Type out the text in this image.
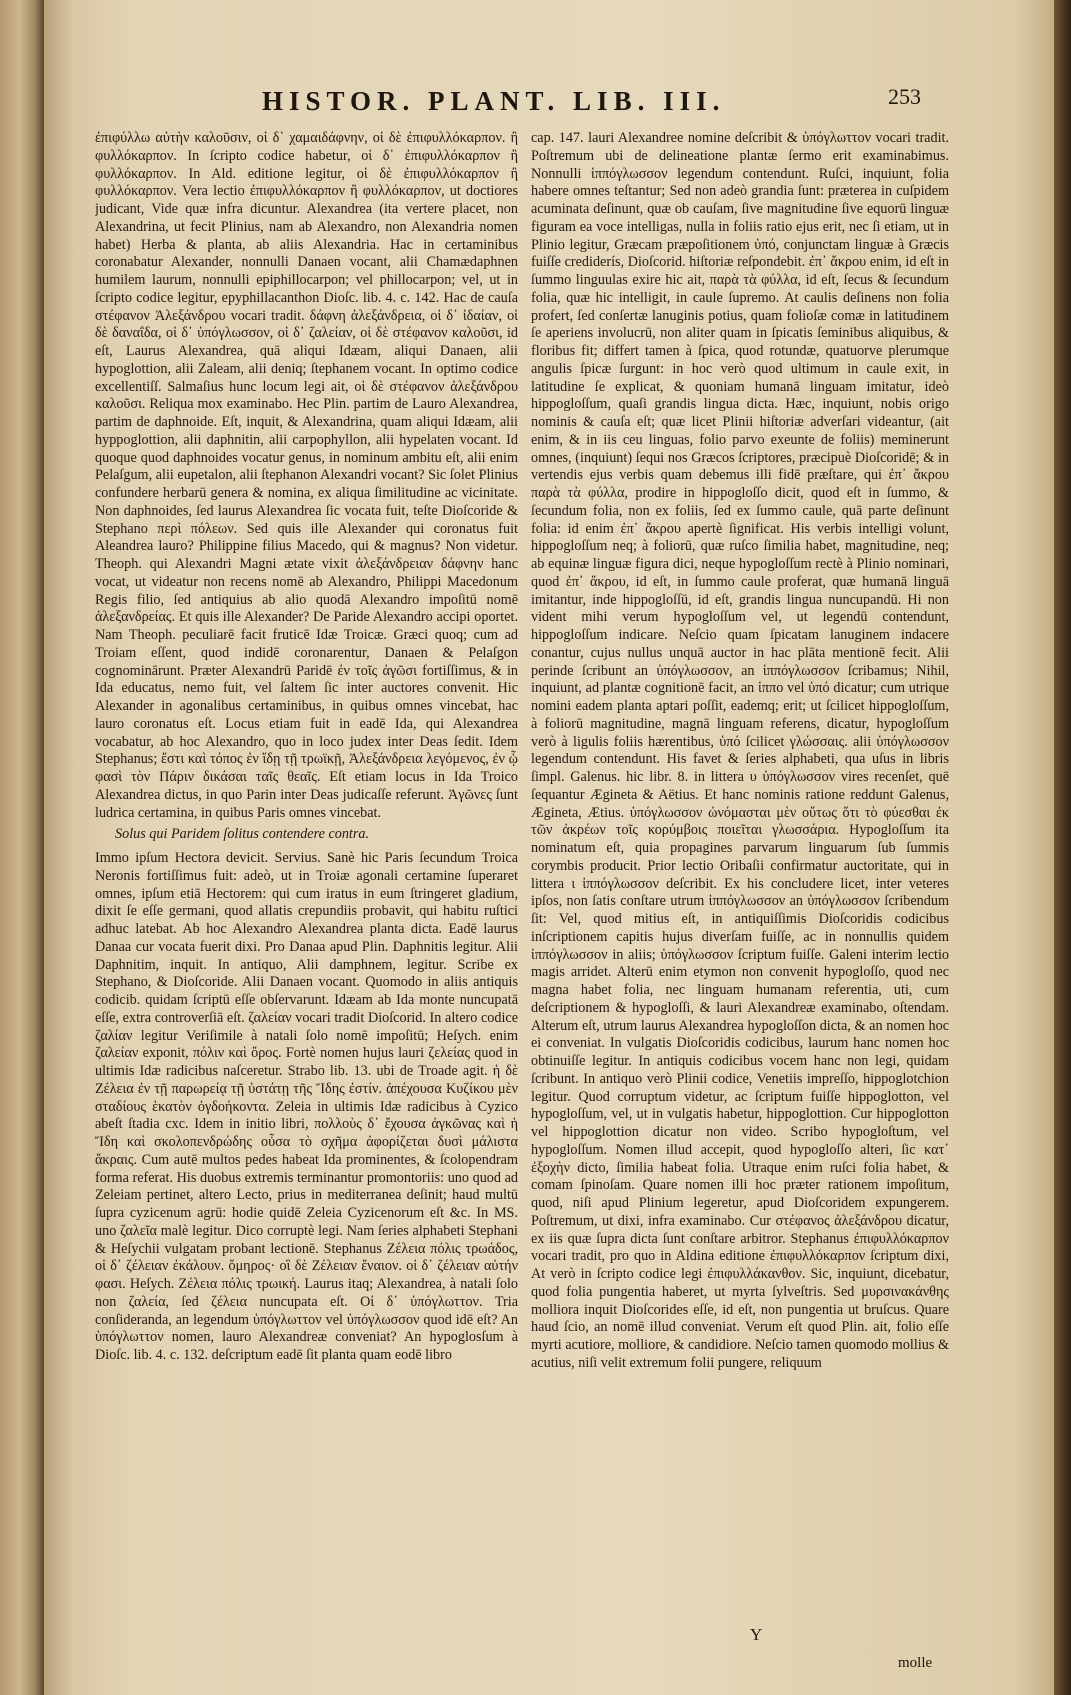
HISTOR. PLANT. LIB. III.	253

ἐπιφύλλω αὐτὴν καλοῦσιν, οἱ δ᾽ χαμαιδάφνην, οἱ δὲ ἐπιφυλλόκαρπον. ἢ φυλλόκαρπον. In ſcripto codice habetur, οἱ δ᾽ ἐπιφυλλόκαρπον ἢ φυλλόκαρπον. In Ald. editione legitur, οἱ δὲ ἐπιφυλλόκαρπον ἢ φυλλόκαρπον. Vera lectio ἐπιφυλλόκαρπον ἢ φυλλόκαρπον, ut doctiores judicant, Vide quæ infra dicuntur. Alexandrea (ita vertere placet, non Alexandrina, ut fecit Plinius, nam ab Alexandro, non Alexandria nomen habet) Herba & planta, ab aliis Alexandria. Hac in certaminibus coronabatur Alexander, nonnulli Danaen vocant, alii Chamædaphnen humilem laurum, nonnulli epiphillocarpon; vel phillocarpon; vel, ut in ſcripto codice legitur, epyphillacanthon Dioſc. lib. 4. c. 142. Hac de cauſa στέφανον Ἀλεξάνδρου vocari tradit. δάφνη ἀλεξάνδρεια, οἱ δ᾽ ἰδαίαν, οἱ δὲ δαναΐδα, οἱ δ᾽ ὑπόγλωσσον, οἱ δ᾽ ζαλείαν, οἱ δὲ στέφανον καλοῦσι, id eſt, Laurus Alexandrea, quā aliqui Idæam, aliqui Danaen, alii hypoglottion, alii Zaleam, alii deniq; ſtephanem vocant. In optimo codice excellentiſſ. Salmaſius hunc locum legi ait, οἱ δὲ στέφανον ἀλεξάνδρου καλοῦσι. Reliqua mox examinabo. Hec Plin. partim de Lauro Alexandrea, partim de daphnoide. Eſt, inquit, & Alexandrina, quam aliqui Idæam, alii hyppoglottion, alii daphnitin, alii carpophyllon, alii hypelaten vocant. Id quoque quod daphnoides vocatur genus, in nominum ambitu eſt, alii enim Pelaſgum, alii eupetalon, alii ſtephanon Alexandri vocant? Sic ſolet Plinius confundere herbarū genera & nomina, ex aliqua ſimilitudine ac vicinitate. Non daphnoides, ſed laurus Alexandrea ſic vocata fuit, teſte Dioſcoride & Stephano περὶ πόλεων. Sed quis ille Alexander qui coronatus fuit Aleandrea lauro? Philippine filius Macedo, qui & magnus? Non videtur. Theoph. qui Alexandri Magni ætate vixit ἀλεξάνδρειαν δάφνην hanc vocat, ut videatur non recens nomē ab Alexandro, Philippi Macedonum Regis filio, ſed antiquius ab alio quodā Alexandro impoſitū nomē ἀλεξανδρείας. Et quis ille Alexander? De Paride Alexandro accipi oportet. Nam Theoph. peculiarē facit fruticē Idæ Troicæ. Græci quoq; cum ad Troiam eſſent, quod indidē coronarentur, Danaen & Pelaſgon cognominārunt. Præter Alexandrū Paridē ἐν τοῖς ἀγῶσι fortiſſimus, & in Ida educatus, nemo fuit, vel ſaltem ſic inter auctores convenit. Hic Alexander in agonalibus certaminibus, in quibus omnes vincebat, hac lauro coronatus eſt. Locus etiam fuit in eadē Ida, qui Alexandrea vocabatur, ab hoc Alexandro, quo in loco judex inter Deas ſedit. Idem Stephanus; ἔστι καὶ τόπος ἐν ἴδῃ τῇ τρωϊκῇ, Ἀλεξάνδρεια λεγόμενος, ἐν ᾧ φασὶ τὸν Πάριν δικάσαι ταῖς θεαῖς. Eſt etiam locus in Ida Troico Alexandrea dictus, in quo Parin inter Deas judicaſſe referunt. Ἀγῶνες ſunt ludrica certamina, in quibus Paris omnes vincebat.

Solus qui Paridem ſolitus contendere contra.

Immo ipſum Hectora devicit. Servius. Sanè hic Paris ſecundum Troica Neronis fortiſſimus fuit: adeò, ut in Troiæ agonali certamine ſuperaret omnes, ipſum etiā Hectorem: qui cum iratus in eum ſtringeret gladium, dixit ſe eſſe germani, quod allatis crepundiis probavit, qui habitu ruſtici adhuc latebat. Ab hoc Alexandro Alexandrea planta dicta. Eadē laurus Danaa cur vocata fuerit dixi. Pro Danaa apud Plin. Daphnitis legitur. Alii Daphnitim, inquit. In antiquo, Alii damphnem, legitur. Scribe ex Stephano, & Dioſcoride. Alii Danaen vocant. Quomodo in aliis antiquis codicib. quidam ſcriptū eſſe obſervarunt. Idæam ab Ida monte nuncupatā eſſe, extra controverſiā eſt. ζαλείαν vocari tradit Dioſcorid. In altero codice ζαλίαν legitur Veriſimile à natali ſolo nomē impoſitū; Heſych. enim ζαλείαν exponit, πόλιν καὶ ὄρος. Fortè nomen hujus lauri ζελείας quod in ultimis Idæ radicibus naſceretur. Strabo lib. 13. ubi de Troade agit. ἡ δὲ Ζέλεια ἐν τῇ παρωρείᾳ τῇ ὑστάτῃ τῆς Ἴδης ἐστίν. ἀπέχουσα Κυζίκου μὲν σταδίους ἑκατὸν ὀγδοήκοντα. Zeleia in ultimis Idæ radicibus à Cyzico abeſt ſtadia cxc. Idem in initio libri, πολλοὺς δ᾽ ἔχουσα ἀγκῶνας καὶ ἡ Ἴδη καὶ σκολοπενδρώδης οὖσα τὸ σχῆμα ἀφορίζεται δυσὶ μάλιστα ἄκραις. Cum autē multos pedes habeat Ida prominentes, & ſcolopendram forma referat. His duobus extremis terminantur promontoriis: uno quod ad Zeleiam pertinet, altero Lecto, prius in mediterranea deſinit; haud multū ſupra cyzicenum agrū: hodie quidē Zeleia Cyzicenorum eſt &c. In MS. uno ζαλεῖα malè legitur. Dico corruptè legi. Nam ſeries alphabeti Stephani & Heſychii vulgatam probant lectionē. Stephanus Ζέλεια πόλις τρωάδος, οἱ δ᾽ ζέλειαν ἐκάλουν. ὅμηρος· οἳ δὲ Ζέλειαν ἔναιον. οἱ δ᾽ ζέλειαν αὐτήν φασι. Heſych. Ζέλεια πόλις τρωική. Laurus itaq; Alexandrea, à natali ſolo non ζαλεία, ſed ζέλεια nuncupata eſt. Οἱ δ᾽ ὑπόγλωττον. Tria conſideranda, an legendum ὑπόγλωττον vel ὑπόγλωσσον quod idē eſt? An ὑπόγλωττον nomen, lauro Alexandreæ conveniat? An hypoglosſum à Dioſc. lib. 4. c. 132. deſcriptum eadē ſit planta quam eodē libro

cap. 147. lauri Alexandree nomine deſcribit & ὑπόγλωττον vocari tradit. Poſtremum ubi de delineatione plantæ ſermo erit examinabimus. Nonnulli ἱππόγλωσσον legendum contendunt. Ruſci, inquiunt, folia habere omnes teſtantur; Sed non adeò grandia ſunt: præterea in cuſpidem acuminata deſinunt, quæ ob cauſam, ſive magnitudine ſive equorū linguæ figuram ea voce intelligas, nulla in foliis ratio ejus erit, nec ſi etiam, ut in Plinio legitur, Græcam præpoſitionem ὑπό, conjunctam linguæ à Græcis fuiſſe crediderís, Dioſcorid. hiſtoriæ reſpondebit. ἐπ᾽ ἄκρου enim, id eſt in ſummo linguulas exire hic ait, παρὰ τὰ φύλλα, id eſt, ſecus & ſecundum folia, quæ hic intelligit, in caule ſupremo. At caulis deſinens non folia profert, ſed conſertæ lanuginis potius, quam folioſæ comæ in latitudinem ſe aperiens involucrū, non aliter quam in ſpicatis ſeminibus aliquibus, & floribus fit; differt tamen à ſpica, quod rotundæ, quatuorve plerumque angulis ſpicæ ſurgunt: in hoc verò quod ultimum in caule exit, in latitudine ſe explicat, & quoniam humanā linguam imitatur, ideò hippogloſſum, quaſi grandis lingua dicta. Hæc, inquiunt, nobis origo nominis & cauſa eſt; quæ licet Plinii hiſtoriæ adverſari videantur, (ait enim, & in iis ceu linguas, folio parvo exeunte de foliis) meminerunt omnes, (inquiunt) ſequi nos Græcos ſcriptores, præcipuè Dioſcoridē; & in vertendis ejus verbis quam debemus illi fidē præſtare, qui ἐπ᾽ ἄκρου παρὰ τὰ φύλλα, prodire in hippogloſſo dicit, quod eſt in ſummo, & ſecundum folia, non ex foliis, ſed ex ſummo caule, quā parte deſinunt folia: id enim ἐπ᾽ ἄκρου apertè ſignificat. His verbis intelligi volunt, hippogloſſum neq; à foliorū, quæ ruſco ſimilia habet, magnitudine, neq; ab equinæ linguæ figura dici, neque hypogloſſum rectè à Plinio nominari, quod ἐπ᾽ ἄκρου, id eſt, in ſummo caule proferat, quæ humanā linguā imitantur, inde hippogloſſū, id eſt, grandis lingua nuncupandū. Hi non vident mihi verum hypogloſſum vel, ut legendū contendunt, hippogloſſum indicare. Neſcio quam ſpicatam lanuginem indacere conantur, cujus nullus unquā auctor in hac plāta mentionē fecit. Alii perinde ſcribunt an ὑπόγλωσσον, an ἱππόγλωσσον ſcribamus; Nihil, inquiunt, ad plantæ cognitionē facit, an ἱππο vel ὑπό dicatur; cum utrique nomini eadem planta aptari poſſit, eademq; erit; ut ſcilicet hippogloſſum, à foliorū magnitudine, magnā linguam referens, dicatur, hypogloſſum verò à ligulis foliis hærentibus, ὑπό ſcilicet γλώσσαις. alii ὑπόγλωσσον legendum contendunt. His favet & ſeries alphabeti, qua uſus in libris ſimpl. Galenus. hic libr. 8. in littera υ ὑπόγλωσσον vires recenſet, quē ſequantur Ægineta & Aëtius. Et hanc nominis ratione reddunt Galenus, Ægineta, Ætius. ὑπόγλωσσον ὠνόμασται μὲν οὕτως ὅτι τὸ φύεσθαι ἐκ τῶν ἀκρέων τοῖς κορύμβοις ποιεῖται γλωσσάρια. Hypogloſſum ita nominatum eſt, quia propagines parvarum linguarum ſub ſummis corymbis producit. Prior lectio Oribaſii confirmatur auctoritate, qui in littera ι ἱππόγλωσσον deſcribit. Ex his concludere licet, inter veteres ipſos, non ſatis conſtare utrum ἱππόγλωσσον an ὑπόγλωσσον ſcribendum ſit: Vel, quod mitius eſt, in antiquiſſimis Dioſcoridis codicibus inſcriptionem capitis hujus diverſam fuiſſe, ac in nonnullis quidem ἱππόγλωσσον in aliis; ὑπόγλωσσον ſcriptum fuiſſe. Galeni interim lectio magis arridet. Alterū enim etymon non convenit hypogloſſo, quod nec magna habet folia, nec linguam humanam referentia, uti, cum deſcriptionem & hypogloſſi, & lauri Alexandreæ examinabo, oſtendam. Alterum eſt, utrum laurus Alexandrea hypogloſſon dicta, & an nomen hoc ei conveniat. In vulgatis Dioſcoridis codicibus, laurum hanc nomen hoc obtinuiſſe legitur. In antiquis codicibus vocem hanc non legi, quidam ſcribunt. In antiquo verò Plinii codice, Venetiis impreſſo, hippoglotchion legitur. Quod corruptum videtur, ac ſcriptum fuiſſe hippoglotton, vel hypogloſſum, vel, ut in vulgatis habetur, hippoglottion. Cur hippoglotton vel hippoglottion dicatur non video. Scribo hypogloſtum, vel hypogloſſum. Nomen illud accepit, quod hypogloſſo alteri, ſic κατ᾽ ἐξοχὴν dicto, ſimilia habeat folia. Utraque enim ruſci folia habet, & comam ſpinoſam. Quare nomen illi hoc præter rationem impoſitum, quod, niſi apud Plinium legeretur, apud Dioſcoridem expungerem. Poſtremum, ut dixi, infra examinabo. Cur στέφανος ἀλεξάνδρου dicatur, ex iis quæ ſupra dicta ſunt conſtare arbitror. Stephanus ἐπιφυλλόκαρπον vocari tradit, pro quo in Aldina editione ἐπιφυλλόκαρπον ſcriptum dixi, At verò in ſcripto codice legi ἐπιφυλλάκανθον. Sic, inquiunt, dicebatur, quod folia pungentia haberet, ut myrta ſylveſtris. Sed μυρσινακάνθης molliora inquit Dioſcorides eſſe, id eſt, non pungentia ut bruſcus. Quare haud ſcio, an nomē illud conveniat. Verum eſt quod Plin. ait, folio eſſe myrti acutiore, molliore, & candidiore. Neſcio tamen quomodo mollius & acutius, niſi velit extremum folii pungere, reliquum

Y
molle
